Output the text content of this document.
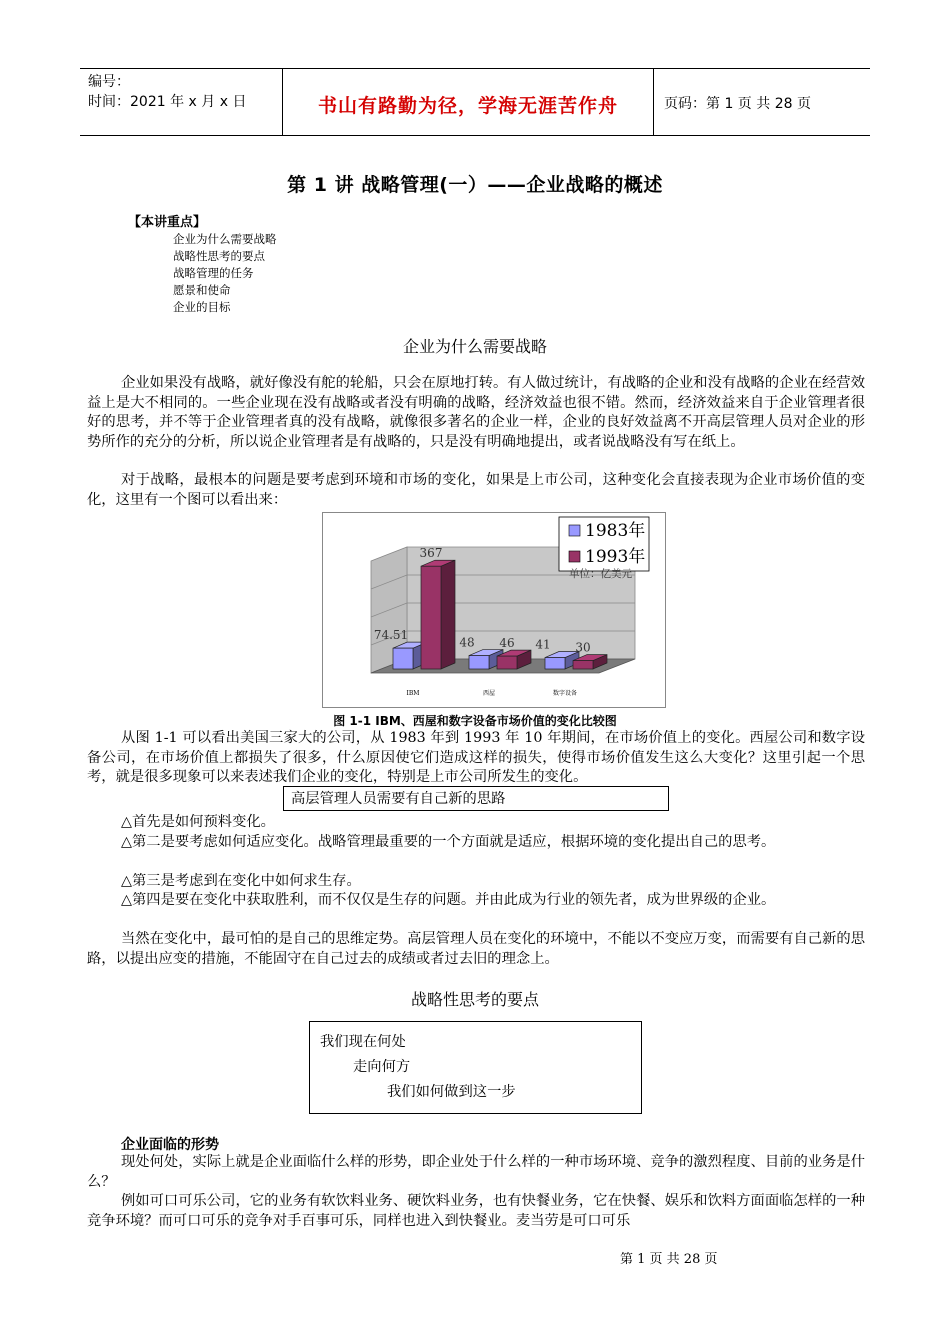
编号：
时间：2021 年 x 月 x 日	书山有路勤为径，学海无涯苦作舟	页码：第 1 页 共 28 页
第 1 讲 战略管理(一）——企业战略的概述
【本讲重点】
企业为什么需要战略
战略性思考的要点
战略管理的任务
愿景和使命
企业的目标
企业为什么需要战略
企业如果没有战略，就好像没有舵的轮船，只会在原地打转。有人做过统计，有战略的企业和没有战略的企业在经营效益上是大不相同的。一些企业现在没有战略或者没有明确的战略，经济效益也很不错。然而，经济效益来自于企业管理者很好的思考，并不等于企业管理者真的没有战略，就像很多著名的企业一样，企业的良好效益离不开高层管理人员对企业的形势所作的充分的分析，所以说企业管理者是有战略的，只是没有明确地提出，或者说战略没有写在纸上。
对于战略，最根本的问题是要考虑到环境和市场的变化，如果是上市公司，这种变化会直接表现为企业市场价值的变化，这里有一个图可以看出来：
74.51
367
IBM
48 46
西屋
41 30
数字设备
1983年
1993年
单位：亿美元
图 1-1 IBM、西屋和数字设备市场价值的变化比较图
从图 1-1 可以看出美国三家大的公司，从 1983 年到 1993 年 10 年期间，在市场价值上的变化。西屋公司和数字设备公司，在市场价值上都损失了很多，什么原因使它们造成这样的损失，使得市场价值发生这么大变化？这里引起一个思考，就是很多现象可以来表述我们企业的变化，特别是上市公司所发生的变化。
高层管理人员需要有自己新的思路
△首先是如何预料变化。
△第二是要考虑如何适应变化。战略管理最重要的一个方面就是适应，根据环境的变化提出自己的思考。
△第三是考虑到在变化中如何求生存。
△第四是要在变化中获取胜利，而不仅仅是生存的问题。并由此成为行业的领先者，成为世界级的企业。
当然在变化中，最可怕的是自己的思维定势。高层管理人员在变化的环境中，不能以不变应万变，而需要有自己新的思路，以提出应变的措施，不能固守在自己过去的成绩或者过去旧的理念上。
战略性思考的要点
我们现在何处
走向何方
我们如何做到这一步
企业面临的形势
现处何处，实际上就是企业面临什么样的形势，即企业处于什么样的一种市场环境、竞争的激烈程度、目前的业务是什么？
例如可口可乐公司，它的业务有软饮料业务、硬饮料业务，也有快餐业务，它在快餐、娱乐和饮料方面面临怎样的一种竞争环境？而可口可乐的竞争对手百事可乐，同样也进入到快餐业。麦当劳是可口可乐
第 1 页 共 28 页
